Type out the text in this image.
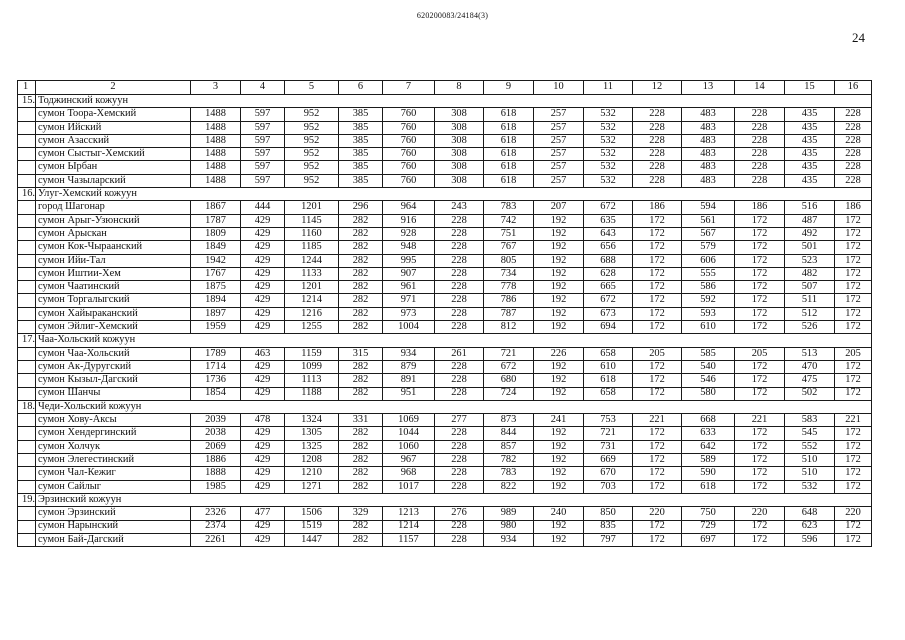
620200083/24184(3)
24
1	2	3	4	5	6	7	8	9	10	11	12	13	14	15	16
15.	Тоджинский кожуун														
	сумон Тоора-Хемский	1488	597	952	385	760	308	618	257	532	228	483	228	435	228
	сумон Ийский	1488	597	952	385	760	308	618	257	532	228	483	228	435	228
	сумон Азасский	1488	597	952	385	760	308	618	257	532	228	483	228	435	228
	сумон Сыстыг-Хемский	1488	597	952	385	760	308	618	257	532	228	483	228	435	228
	сумон Ырбан	1488	597	952	385	760	308	618	257	532	228	483	228	435	228
	сумон Чазыларский	1488	597	952	385	760	308	618	257	532	228	483	228	435	228
16.	Улуг-Хемский кожуун														
	город Шагонар	1867	444	1201	296	964	243	783	207	672	186	594	186	516	186
	сумон Арыг-Узюнский	1787	429	1145	282	916	228	742	192	635	172	561	172	487	172
	сумон Арыскан	1809	429	1160	282	928	228	751	192	643	172	567	172	492	172
	сумон Кок-Чыраанский	1849	429	1185	282	948	228	767	192	656	172	579	172	501	172
	сумон Ийи-Тал	1942	429	1244	282	995	228	805	192	688	172	606	172	523	172
	сумон Иштии-Хем	1767	429	1133	282	907	228	734	192	628	172	555	172	482	172
	сумон Чаатинский	1875	429	1201	282	961	228	778	192	665	172	586	172	507	172
	сумон Торгалыгский	1894	429	1214	282	971	228	786	192	672	172	592	172	511	172
	сумон Хайыраканский	1897	429	1216	282	973	228	787	192	673	172	593	172	512	172
	сумон Эйлиг-Хемский	1959	429	1255	282	1004	228	812	192	694	172	610	172	526	172
17.	Чаа-Хольский кожуун														
	сумон Чаа-Хольский	1789	463	1159	315	934	261	721	226	658	205	585	205	513	205
	сумон Ак-Дуругский	1714	429	1099	282	879	228	672	192	610	172	540	172	470	172
	сумон Кызыл-Дагский	1736	429	1113	282	891	228	680	192	618	172	546	172	475	172
	сумон Шанчы	1854	429	1188	282	951	228	724	192	658	172	580	172	502	172
18.	Чеди-Хольский кожуун														
	сумон Хову-Аксы	2039	478	1324	331	1069	277	873	241	753	221	668	221	583	221
	сумон Хендергинский	2038	429	1305	282	1044	228	844	192	721	172	633	172	545	172
	сумон Холчук	2069	429	1325	282	1060	228	857	192	731	172	642	172	552	172
	сумон Элегестинский	1886	429	1208	282	967	228	782	192	669	172	589	172	510	172
	сумон Чал-Кежиг	1888	429	1210	282	968	228	783	192	670	172	590	172	510	172
	сумон Сайлыг	1985	429	1271	282	1017	228	822	192	703	172	618	172	532	172
19.	Эрзинский кожуун														
	сумон Эрзинский	2326	477	1506	329	1213	276	989	240	850	220	750	220	648	220
	сумон Нарынский	2374	429	1519	282	1214	228	980	192	835	172	729	172	623	172
	сумон Бай-Дагский	2261	429	1447	282	1157	228	934	192	797	172	697	172	596	172
